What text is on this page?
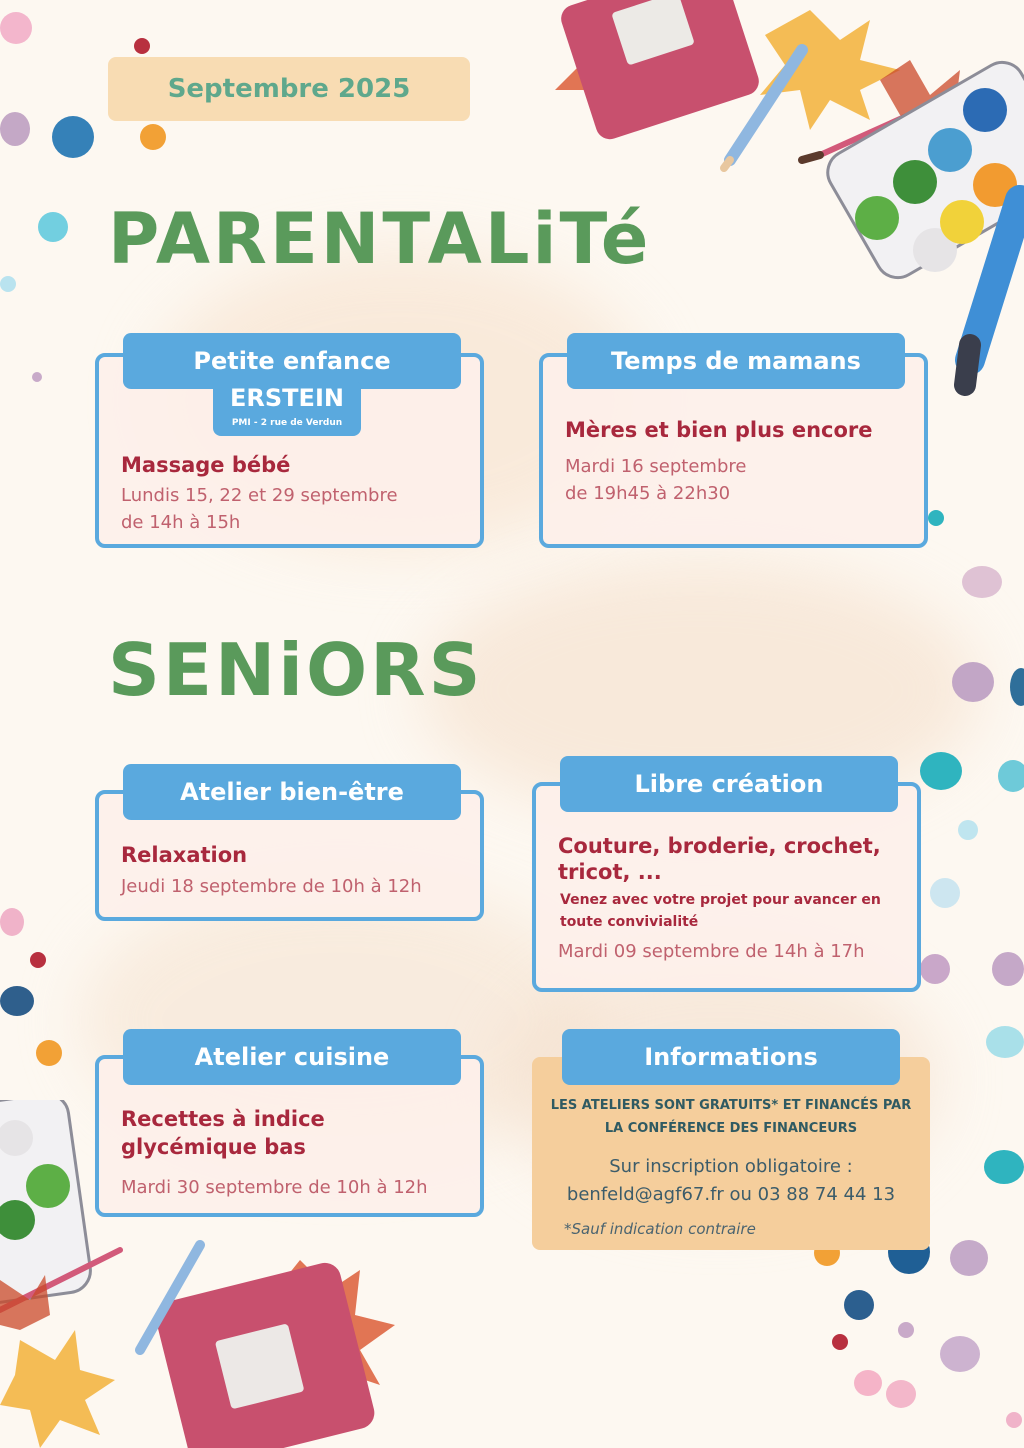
Septembre 2025
PARENTALiTé
Petite enfance
ERSTEIN
PMI - 2 rue de Verdun
Massage bébé
Lundis 15, 22 et 29 septembre
de 14h à 15h
Temps de mamans
Mères et bien plus encore
Mardi 16 septembre
de 19h45 à 22h30
SENiORS
Atelier bien-être
Relaxation
Jeudi 18 septembre de 10h à 12h
Libre création
Couture, broderie, crochet,
tricot, ...
Venez avec votre projet pour avancer en
toute convivialité
Mardi 09 septembre de 14h à 17h
Atelier cuisine
Recettes à indice
glycémique bas
Mardi 30 septembre de 10h à 12h
Informations
LES ATELIERS SONT GRATUITS* ET FINANCÉS PAR
LA CONFÉRENCE DES FINANCEURS
Sur inscription obligatoire :
benfeld@agf67.fr ou 03 88 74 44 13
*Sauf indication contraire
